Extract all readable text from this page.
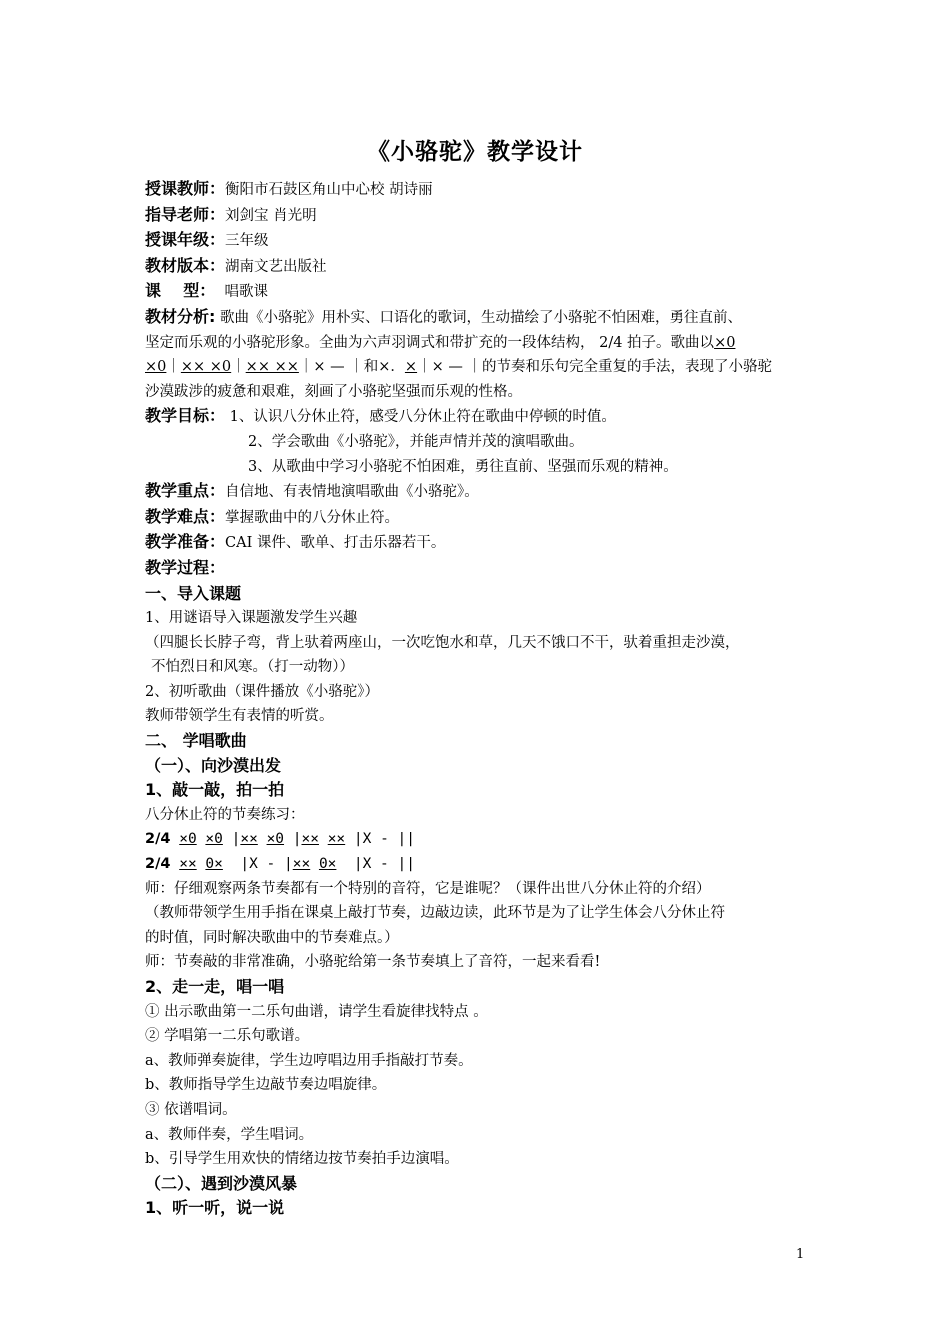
《小骆驼》教学设计
授课教师：衡阳市石鼓区角山中心校 胡诗丽
指导老师：刘剑宝 肖光明
授课年级：三年级
教材版本：湖南文艺出版社
课    型：  唱歌课
教材分析: 歌曲《小骆驼》用朴实、口语化的歌词，生动描绘了小骆驼不怕困难，勇往直前、
坚定而乐观的小骆驼形象。全曲为六声羽调式和带扩充的一段体结构， 2/4 拍子。歌曲以×0
×0｜×× ×0｜×× ××｜× — ｜和×．×｜× — ｜的节奏和乐句完全重复的手法，表现了小骆驼
沙漠跋涉的疲惫和艰难，刻画了小骆驼坚强而乐观的性格。
教学目标： 1、认识八分休止符，感受八分休止符在歌曲中停顿的时值。
2、学会歌曲《小骆驼》，并能声情并茂的演唱歌曲。
3、从歌曲中学习小骆驼不怕困难，勇往直前、坚强而乐观的精神。
教学重点：自信地、有表情地演唱歌曲《小骆驼》。
教学难点：掌握歌曲中的八分休止符。
教学准备：CAI 课件、歌单、打击乐器若干。
教学过程：
一、导入课题
1、用谜语导入课题激发学生兴趣
（四腿长长脖子弯，背上驮着两座山，一次吃饱水和草，几天不饿口不干，驮着重担走沙漠，
不怕烈日和风寒。（打一动物））
2、初听歌曲（课件播放《小骆驼》）
教师带领学生有表情的听赏。
二、 学唱歌曲
（一）、向沙漠出发
1、敲一敲，拍一拍
八分休止符的节奏练习：
2/4 ×0 ×0 |×× ×0 |×× ×× |X - ||
2/4 ×× 0×  |X - |×× 0×  |X - ||
师：仔细观察两条节奏都有一个特别的音符，它是谁呢？（课件出世八分休止符的介绍）
（教师带领学生用手指在课桌上敲打节奏，边敲边读，此环节是为了让学生体会八分休止符
的时值，同时解决歌曲中的节奏难点。）
师：节奏敲的非常准确，小骆驼给第一条节奏填上了音符，一起来看看!
2、走一走，唱一唱
① 出示歌曲第一二乐句曲谱，请学生看旋律找特点 。
② 学唱第一二乐句歌谱。
a、教师弹奏旋律，学生边哼唱边用手指敲打节奏。
b、教师指导学生边敲节奏边唱旋律。
③ 依谱唱词。
a、教师伴奏，学生唱词。
b、引导学生用欢快的情绪边按节奏拍手边演唱。
（二）、遇到沙漠风暴
1、听一听，说一说
1
